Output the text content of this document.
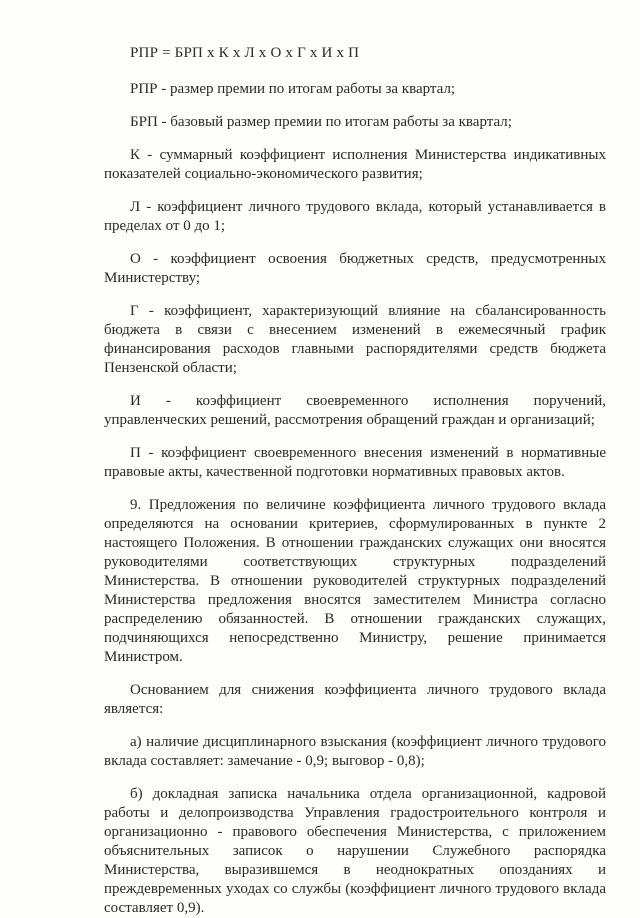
РПР = БРП х К х Л х О х Г х И х П

РПР - размер премии по итогам работы за квартал;

БРП - базовый размер премии по итогам работы за квартал;

К - суммарный коэффициент исполнения Министерства индикативных показателей социально-экономического развития;

Л - коэффициент личного трудового вклада, который устанавливается в пределах от 0 до 1;

О - коэффициент освоения бюджетных средств, предусмотренных Министерству;

Г - коэффициент, характеризующий влияние на сбалансированность бюджета в связи с внесением изменений в ежемесячный график финансирования расходов главными распорядителями средств бюджета Пензенской области;

И - коэффициент своевременного исполнения поручений, управленческих решений, рассмотрения обращений граждан и организаций;

П - коэффициент своевременного внесения изменений в нормативные правовые акты, качественной подготовки нормативных правовых актов.

9. Предложения по величине коэффициента личного трудового вклада определяются на основании критериев, сформулированных в пункте 2 настоящего Положения. В отношении гражданских служащих они вносятся руководителями соответствующих структурных подразделений Министерства. В отношении руководителей структурных подразделений Министерства предложения вносятся заместителем Министра согласно распределению обязанностей. В отношении гражданских служащих, подчиняющихся непосредственно Министру, решение принимается Министром.

Основанием для снижения коэффициента личного трудового вклада является:

а) наличие дисциплинарного взыскания (коэффициент личного трудового вклада составляет: замечание - 0,9; выговор - 0,8);

б) докладная записка начальника отдела организационной, кадровой работы и делопроизводства Управления градостроительного контроля и организационно - правового обеспечения Министерства, с приложением объяснительных записок о нарушении Служебного распорядка Министерства, выразившемся в неоднократных опозданиях и преждевременных уходах со службы (коэффициент личного трудового вклада составляет 0,9).
